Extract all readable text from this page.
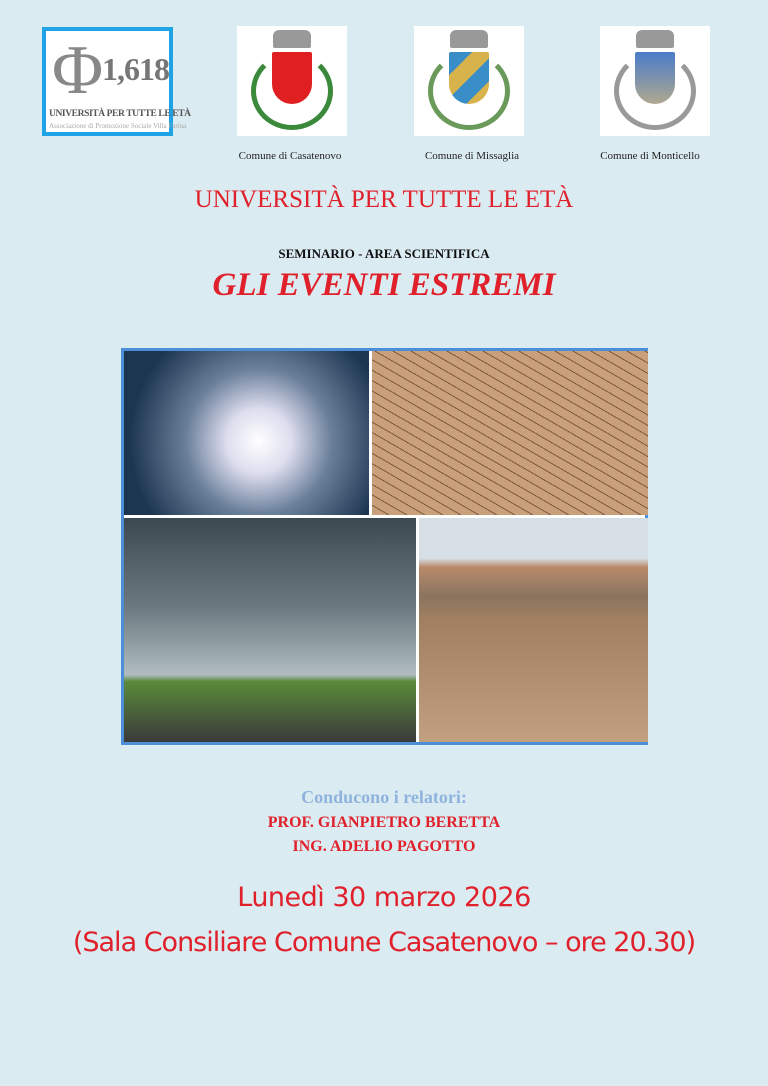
Φ
1,618
UNIVERSITÀ PER TUTTE LE ETÀ
Associazione di Promozione Sociale Villa Farina
Comune di Casatenovo	Comune di Missaglia	Comune di Monticello
UNIVERSITÀ PER TUTTE LE ETÀ
SEMINARIO - AREA SCIENTIFICA
GLI EVENTI ESTREMI
Conducono i relatori:
PROF. GIANPIETRO BERETTA
ING. ADELIO PAGOTTO
Lunedì 30 marzo 2026
(Sala Consiliare Comune Casatenovo – ore 20.30)
